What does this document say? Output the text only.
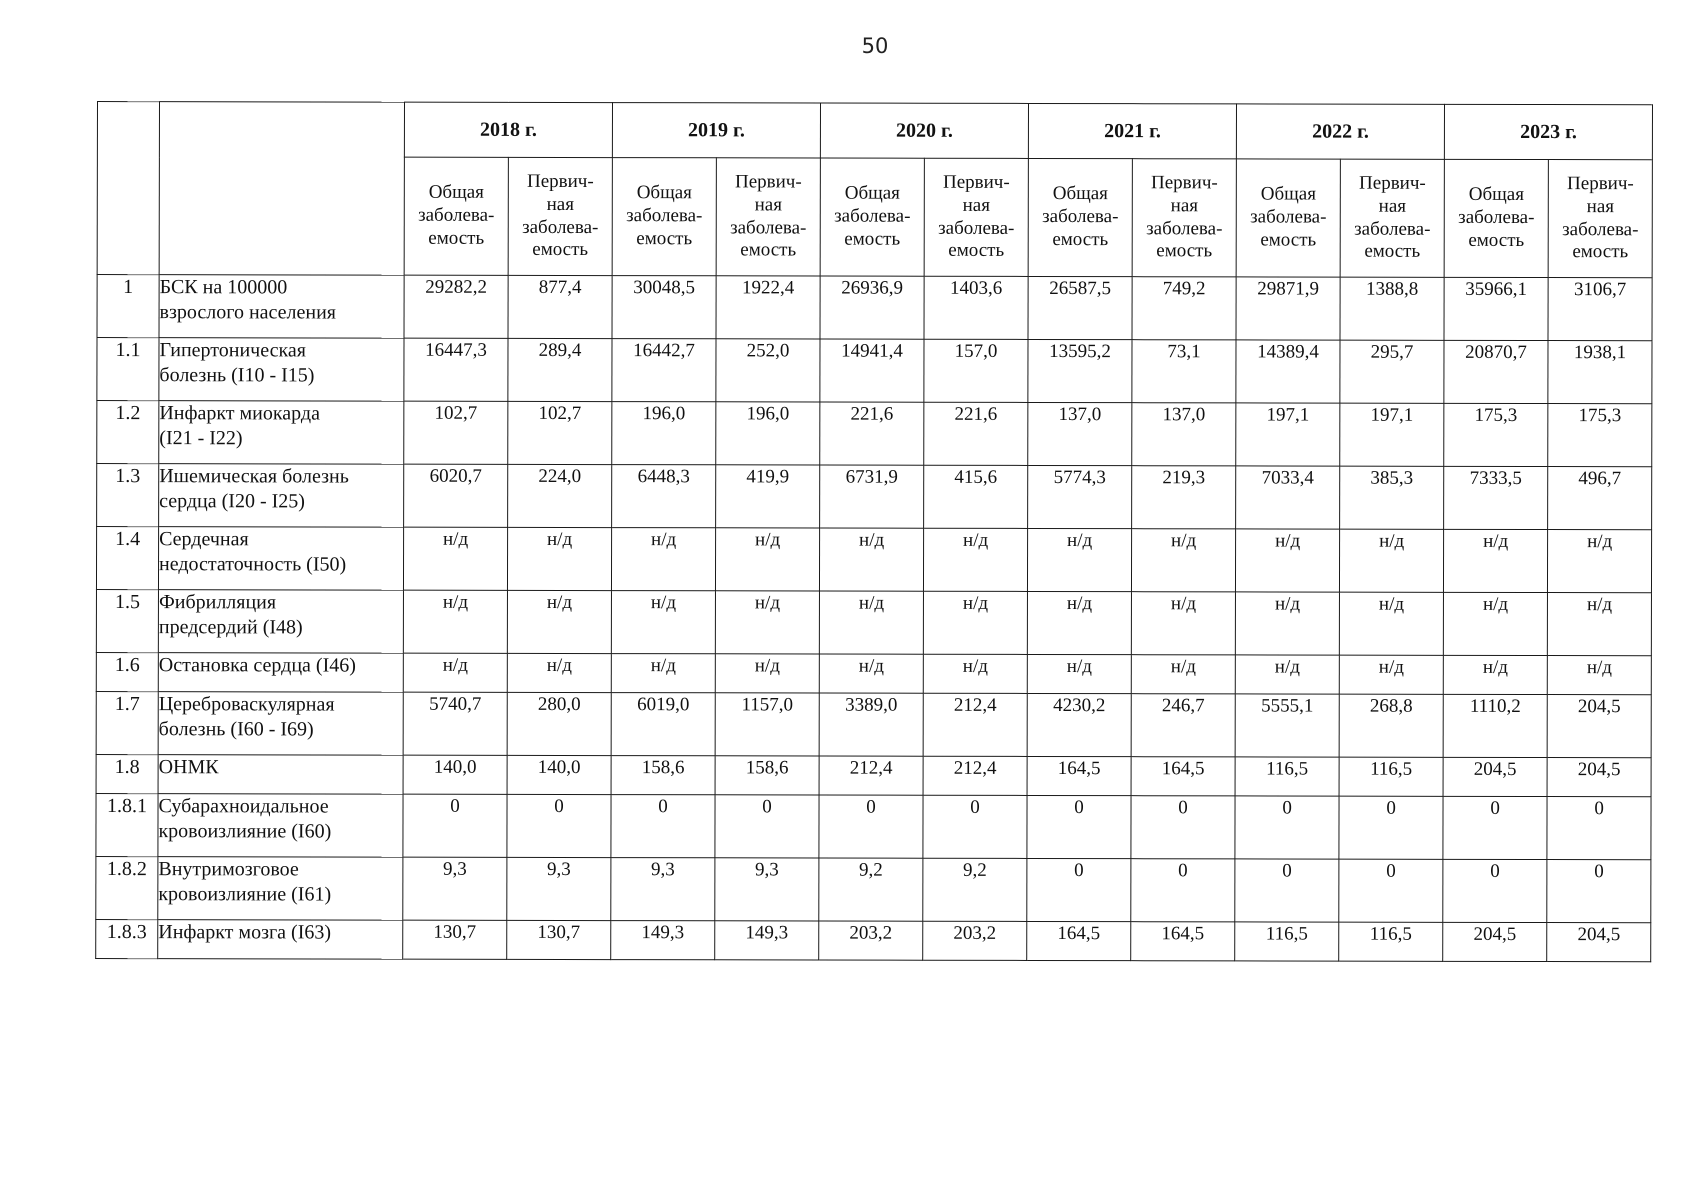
50
		2018 г.		2019 г.		2020 г.		2021 г.		2022 г.		2023 г.	
		Общая
заболева-
емость	Первич-
ная
заболева-
емость	Общая
заболева-
емость	Первич-
ная
заболева-
емость	Общая
заболева-
емость	Первич-
ная
заболева-
емость	Общая
заболева-
емость	Первич-
ная
заболева-
емость	Общая
заболева-
емость	Первич-
ная
заболева-
емость	Общая
заболева-
емость	Первич-
ная
заболева-
емость
1	БСК на 100000
взрослого населения	29282,2	877,4	30048,5	1922,4	26936,9	1403,6	26587,5	749,2	29871,9	1388,8	35966,1	3106,7
1.1	Гипертоническая
болезнь (I10 - I15)	16447,3	289,4	16442,7	252,0	14941,4	157,0	13595,2	73,1	14389,4	295,7	20870,7	1938,1
1.2	Инфаркт миокарда
(I21 - I22)	102,7	102,7	196,0	196,0	221,6	221,6	137,0	137,0	197,1	197,1	175,3	175,3
1.3	Ишемическая болезнь
сердца (I20 - I25)	6020,7	224,0	6448,3	419,9	6731,9	415,6	5774,3	219,3	7033,4	385,3	7333,5	496,7
1.4	Сердечная
недостаточность (I50)	н/д	н/д	н/д	н/д	н/д	н/д	н/д	н/д	н/д	н/д	н/д	н/д
1.5	Фибрилляция
предсердий (I48)	н/д	н/д	н/д	н/д	н/д	н/д	н/д	н/д	н/д	н/д	н/д	н/д
1.6	Остановка сердца (I46)	н/д	н/д	н/д	н/д	н/д	н/д	н/д	н/д	н/д	н/д	н/д	н/д
1.7	Цереброваскулярная
болезнь (I60 - I69)	5740,7	280,0	6019,0	1157,0	3389,0	212,4	4230,2	246,7	5555,1	268,8	1110,2	204,5
1.8	ОНМК	140,0	140,0	158,6	158,6	212,4	212,4	164,5	164,5	116,5	116,5	204,5	204,5
1.8.1	Субарахноидальное
кровоизлияние (I60)	0	0	0	0	0	0	0	0	0	0	0	0
1.8.2	Внутримозговое
кровоизлияние (I61)	9,3	9,3	9,3	9,3	9,2	9,2	0	0	0	0	0	0
1.8.3	Инфаркт мозга (I63)	130,7	130,7	149,3	149,3	203,2	203,2	164,5	164,5	116,5	116,5	204,5	204,5
